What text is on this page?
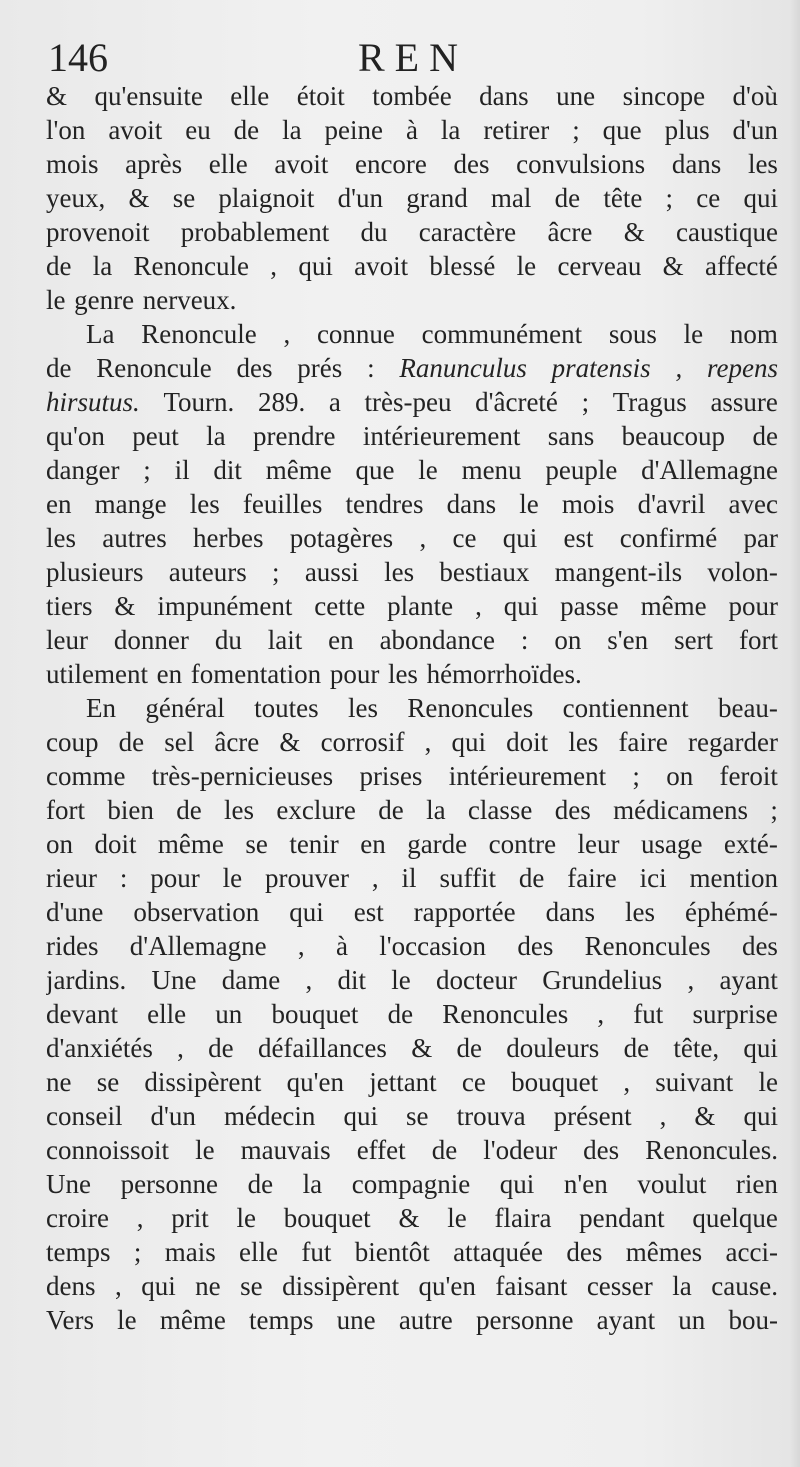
146	REN
& qu'ensuite elle étoit tombée dans une sincope d'où
l'on avoit eu de la peine à la retirer ; que plus d'un
mois après elle avoit encore des convulsions dans les
yeux, & se plaignoit d'un grand mal de tête ; ce qui
provenoit probablement du caractère âcre & caustique
de la Renoncule , qui avoit blessé le cerveau & affecté
le genre nerveux.
La Renoncule , connue communément sous le nom
de Renoncule des prés : Ranunculus pratensis , repens
hirsutus. Tourn. 289. a très-peu d'âcreté ; Tragus assure
qu'on peut la prendre intérieurement sans beaucoup de
danger ; il dit même que le menu peuple d'Allemagne
en mange les feuilles tendres dans le mois d'avril avec
les autres herbes potagères , ce qui est confirmé par
plusieurs auteurs ; aussi les bestiaux mangent-ils volon-
tiers & impunément cette plante , qui passe même pour
leur donner du lait en abondance : on s'en sert fort
utilement en fomentation pour les hémorrhoïdes.
En général toutes les Renoncules contiennent beau-
coup de sel âcre & corrosif , qui doit les faire regarder
comme très-pernicieuses prises intérieurement ; on feroit
fort bien de les exclure de la classe des médicamens ;
on doit même se tenir en garde contre leur usage exté-
rieur : pour le prouver , il suffit de faire ici mention
d'une observation qui est rapportée dans les éphémé-
rides d'Allemagne , à l'occasion des Renoncules des
jardins. Une dame , dit le docteur Grundelius , ayant
devant elle un bouquet de Renoncules , fut surprise
d'anxiétés , de défaillances & de douleurs de tête, qui
ne se dissipèrent qu'en jettant ce bouquet , suivant le
conseil d'un médecin qui se trouva présent , & qui
connoissoit le mauvais effet de l'odeur des Renoncules.
Une personne de la compagnie qui n'en voulut rien
croire , prit le bouquet & le flaira pendant quelque
temps ; mais elle fut bientôt attaquée des mêmes acci-
dens , qui ne se dissipèrent qu'en faisant cesser la cause.
Vers le même temps une autre personne ayant un bou-
